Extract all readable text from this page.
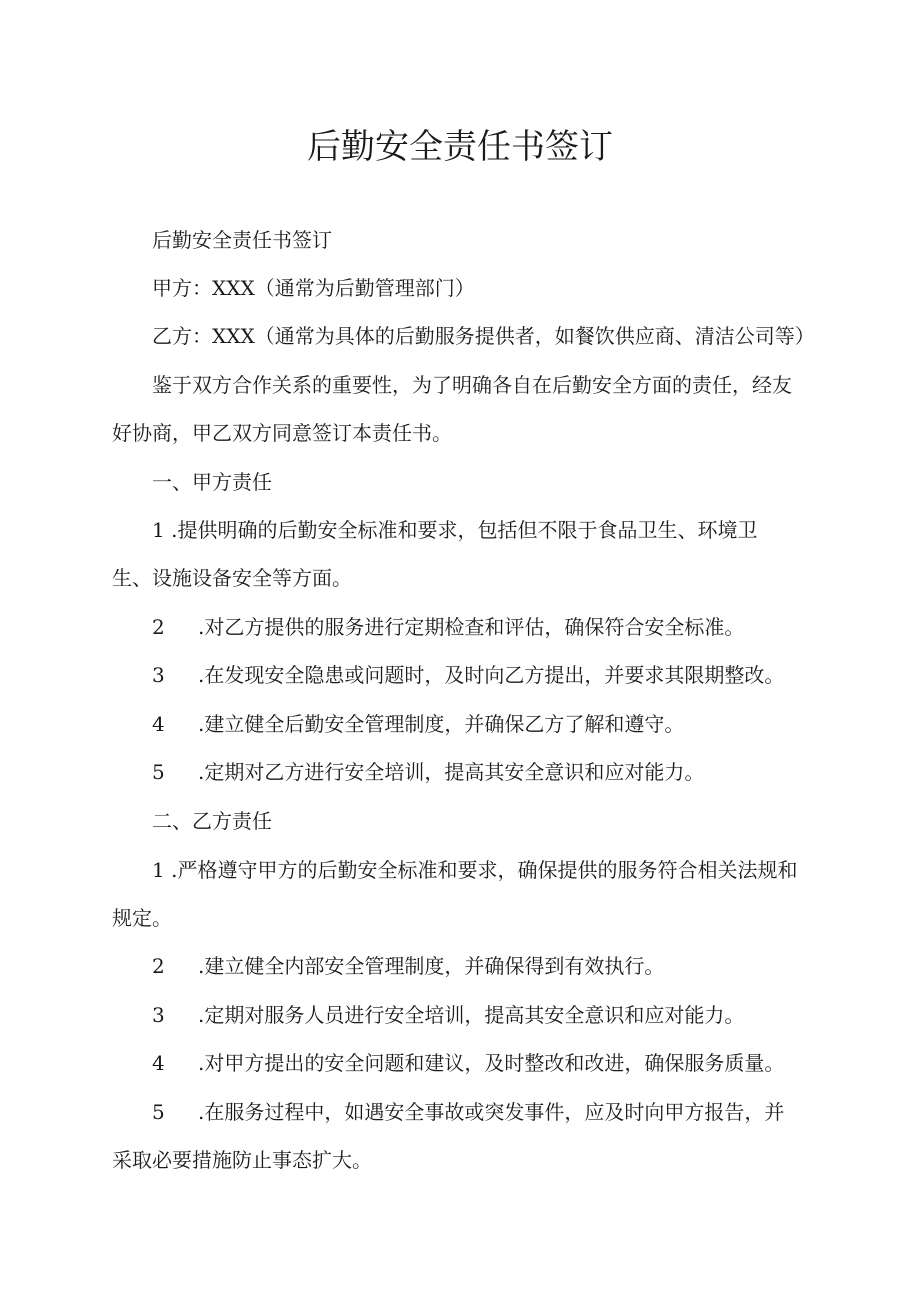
后勤安全责任书签订

后勤安全责任书签订

甲方：XXX（通常为后勤管理部门）

乙方：XXX（通常为具体的后勤服务提供者，如餐饮供应商、清洁公司等）

鉴于双方合作关系的重要性，为了明确各自在后勤安全方面的责任，经友

好协商，甲乙双方同意签订本责任书。

一、甲方责任

1 .提供明确的后勤安全标准和要求，包括但不限于食品卫生、环境卫

生、设施设备安全等方面。

2 .对乙方提供的服务进行定期检查和评估，确保符合安全标准。

3 .在发现安全隐患或问题时，及时向乙方提出，并要求其限期整改。

4 .建立健全后勤安全管理制度，并确保乙方了解和遵守。

5 .定期对乙方进行安全培训，提高其安全意识和应对能力。

二、乙方责任

1 .严格遵守甲方的后勤安全标准和要求，确保提供的服务符合相关法规和

规定。

2 .建立健全内部安全管理制度，并确保得到有效执行。

3 .定期对服务人员进行安全培训，提高其安全意识和应对能力。

4 .对甲方提出的安全问题和建议，及时整改和改进，确保服务质量。

5 .在服务过程中，如遇安全事故或突发事件，应及时向甲方报告，并

采取必要措施防止事态扩大。
